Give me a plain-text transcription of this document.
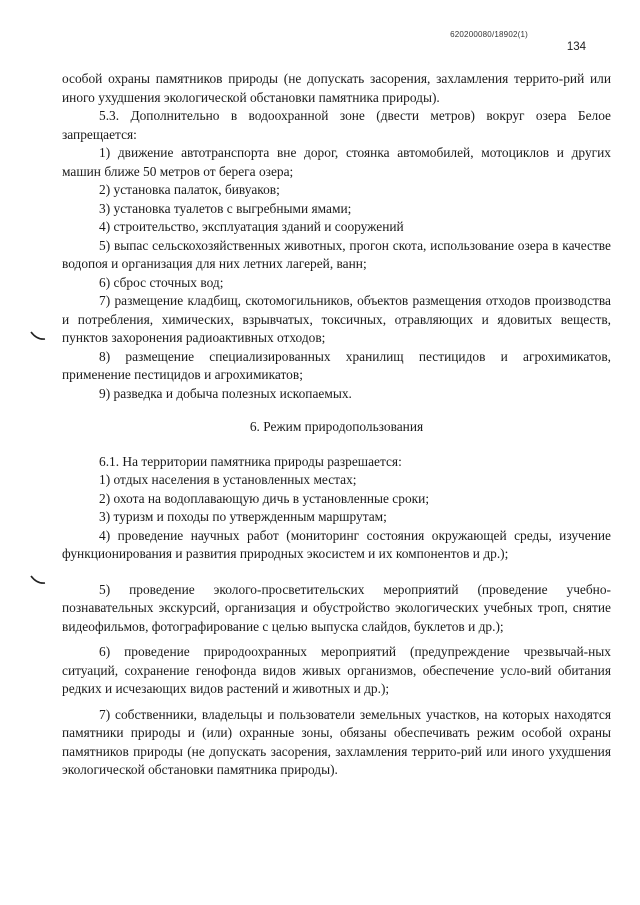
620200080/18902(1)
134

особой охраны памятников природы (не допускать засорения, захламления террито-рий или иного ухудшения экологической обстановки памятника природы).

5.3. Дополнительно в водоохранной зоне (двести метров) вокруг озера Белое запрещается:

1) движение автотранспорта вне дорог, стоянка автомобилей, мотоциклов и других машин ближе 50 метров от берега озера;

2) установка палаток, бивуаков;

3) установка туалетов с выгребными ямами;

4) строительство, эксплуатация зданий и сооружений

5) выпас сельскохозяйственных животных, прогон скота, использование озера в качестве водопоя и организация для них летних лагерей, ванн;

6) сброс сточных вод;

7) размещение кладбищ, скотомогильников, объектов размещения отходов производства и потребления, химических, взрывчатых, токсичных, отравляющих и ядовитых веществ, пунктов захоронения радиоактивных отходов;

8) размещение специализированных хранилищ пестицидов и агрохимикатов, применение пестицидов и агрохимикатов;

9) разведка и добыча полезных ископаемых.

6. Режим природопользования

6.1. На территории памятника природы разрешается:

1) отдых населения в установленных местах;

2) охота на водоплавающую дичь в установленные сроки;

3) туризм и походы по утвержденным маршрутам;

4) проведение научных работ (мониторинг состояния окружающей среды, изучение функционирования и развития природных экосистем и их компонентов и др.);

5) проведение эколого-просветительских мероприятий (проведение учебно-познавательных экскурсий, организация и обустройство экологических учебных троп, снятие видеофильмов, фотографирование с целью выпуска слайдов, буклетов и др.);

6) проведение природоохранных мероприятий (предупреждение чрезвычай-ных ситуаций, сохранение генофонда видов живых организмов, обеспечение усло-вий обитания редких и исчезающих видов растений и животных и др.);

7) собственники, владельцы и пользователи земельных участков, на которых находятся памятники природы и (или) охранные зоны, обязаны обеспечивать режим особой охраны памятников природы (не допускать засорения, захламления террито-рий или иного ухудшения экологической обстановки памятника природы).
